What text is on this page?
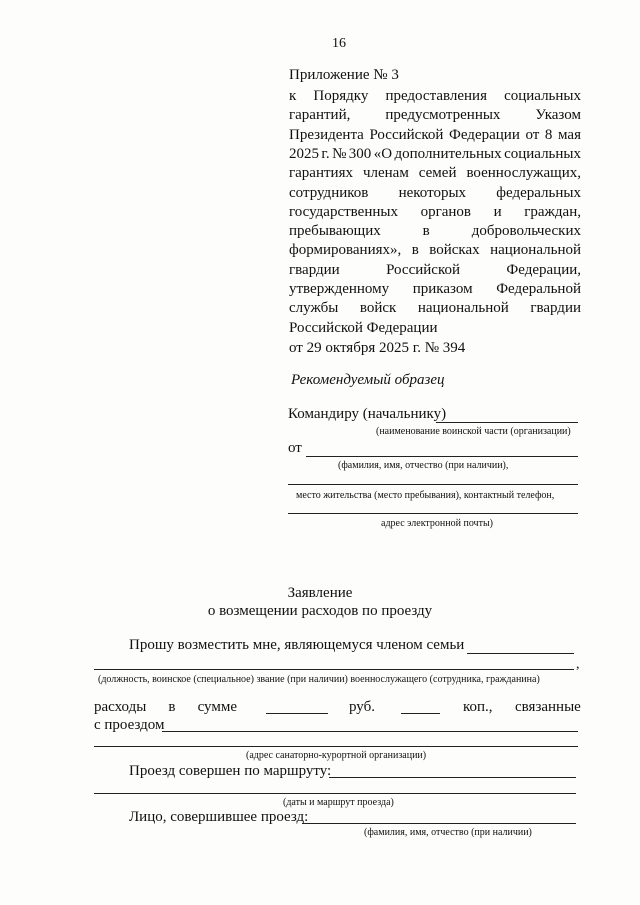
16
Приложение № 3
к Порядку предоставления социальных
гарантий, предусмотренных Указом
Президента Российской Федерации от 8 мая
2025 г. № 300 «О дополнительных социальных
гарантиях членам семей военнослужащих,
сотрудников некоторых федеральных
государственных органов и граждан,
пребывающих	в	добровольческих
формированиях», в войсках национальной
гвардии	Российской	Федерации,
утвержденному приказом Федеральной
службы войск национальной гвардии
Российской Федерации
от 29 октября 2025 г. № 394
Рекомендуемый образец
Командиру (начальнику)
(наименование воинской части (организации)
от
(фамилия, имя, отчество (при наличии),
место жительства (место пребывания), контактный телефон,
адрес электронной почты)
Заявление
о возмещении расходов по проезду
Прошу возместить мне, являющемуся членом семьи
,
(должность, воинское (специальное) звание (при наличии) военнослужащего (сотрудника, гражданина)
расходы в сумме	руб.	коп., связанные
с проездом
(адрес санаторно-курортной организации)
Проезд совершен по маршруту:
(даты и маршрут проезда)
Лицо, совершившее проезд:
(фамилия, имя, отчество (при наличии)
